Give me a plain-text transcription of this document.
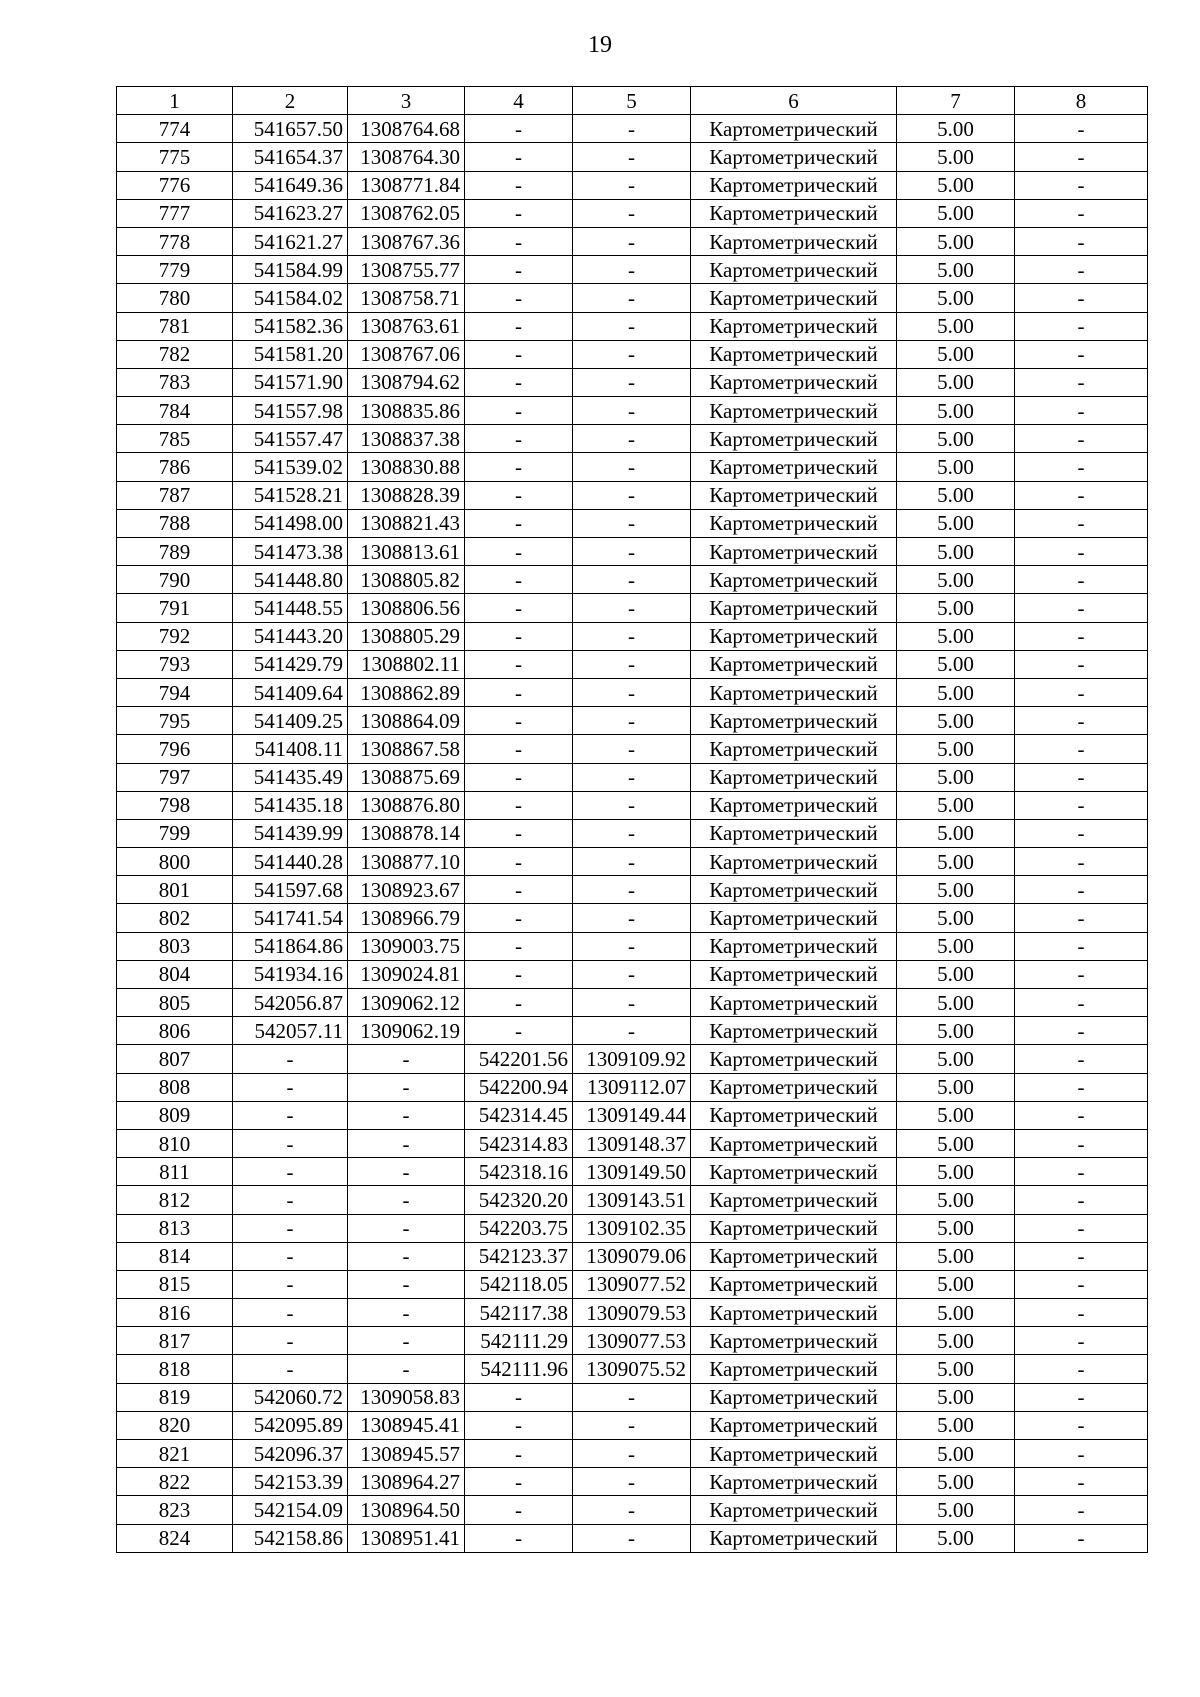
19
1	2	3	4	5	6	7	8
774	541657.50	1308764.68	-	-	Картометрический	5.00	-
775	541654.37	1308764.30	-	-	Картометрический	5.00	-
776	541649.36	1308771.84	-	-	Картометрический	5.00	-
777	541623.27	1308762.05	-	-	Картометрический	5.00	-
778	541621.27	1308767.36	-	-	Картометрический	5.00	-
779	541584.99	1308755.77	-	-	Картометрический	5.00	-
780	541584.02	1308758.71	-	-	Картометрический	5.00	-
781	541582.36	1308763.61	-	-	Картометрический	5.00	-
782	541581.20	1308767.06	-	-	Картометрический	5.00	-
783	541571.90	1308794.62	-	-	Картометрический	5.00	-
784	541557.98	1308835.86	-	-	Картометрический	5.00	-
785	541557.47	1308837.38	-	-	Картометрический	5.00	-
786	541539.02	1308830.88	-	-	Картометрический	5.00	-
787	541528.21	1308828.39	-	-	Картометрический	5.00	-
788	541498.00	1308821.43	-	-	Картометрический	5.00	-
789	541473.38	1308813.61	-	-	Картометрический	5.00	-
790	541448.80	1308805.82	-	-	Картометрический	5.00	-
791	541448.55	1308806.56	-	-	Картометрический	5.00	-
792	541443.20	1308805.29	-	-	Картометрический	5.00	-
793	541429.79	1308802.11	-	-	Картометрический	5.00	-
794	541409.64	1308862.89	-	-	Картометрический	5.00	-
795	541409.25	1308864.09	-	-	Картометрический	5.00	-
796	541408.11	1308867.58	-	-	Картометрический	5.00	-
797	541435.49	1308875.69	-	-	Картометрический	5.00	-
798	541435.18	1308876.80	-	-	Картометрический	5.00	-
799	541439.99	1308878.14	-	-	Картометрический	5.00	-
800	541440.28	1308877.10	-	-	Картометрический	5.00	-
801	541597.68	1308923.67	-	-	Картометрический	5.00	-
802	541741.54	1308966.79	-	-	Картометрический	5.00	-
803	541864.86	1309003.75	-	-	Картометрический	5.00	-
804	541934.16	1309024.81	-	-	Картометрический	5.00	-
805	542056.87	1309062.12	-	-	Картометрический	5.00	-
806	542057.11	1309062.19	-	-	Картометрический	5.00	-
807	-	-	542201.56	1309109.92	Картометрический	5.00	-
808	-	-	542200.94	1309112.07	Картометрический	5.00	-
809	-	-	542314.45	1309149.44	Картометрический	5.00	-
810	-	-	542314.83	1309148.37	Картометрический	5.00	-
811	-	-	542318.16	1309149.50	Картометрический	5.00	-
812	-	-	542320.20	1309143.51	Картометрический	5.00	-
813	-	-	542203.75	1309102.35	Картометрический	5.00	-
814	-	-	542123.37	1309079.06	Картометрический	5.00	-
815	-	-	542118.05	1309077.52	Картометрический	5.00	-
816	-	-	542117.38	1309079.53	Картометрический	5.00	-
817	-	-	542111.29	1309077.53	Картометрический	5.00	-
818	-	-	542111.96	1309075.52	Картометрический	5.00	-
819	542060.72	1309058.83	-	-	Картометрический	5.00	-
820	542095.89	1308945.41	-	-	Картометрический	5.00	-
821	542096.37	1308945.57	-	-	Картометрический	5.00	-
822	542153.39	1308964.27	-	-	Картометрический	5.00	-
823	542154.09	1308964.50	-	-	Картометрический	5.00	-
824	542158.86	1308951.41	-	-	Картометрический	5.00	-
